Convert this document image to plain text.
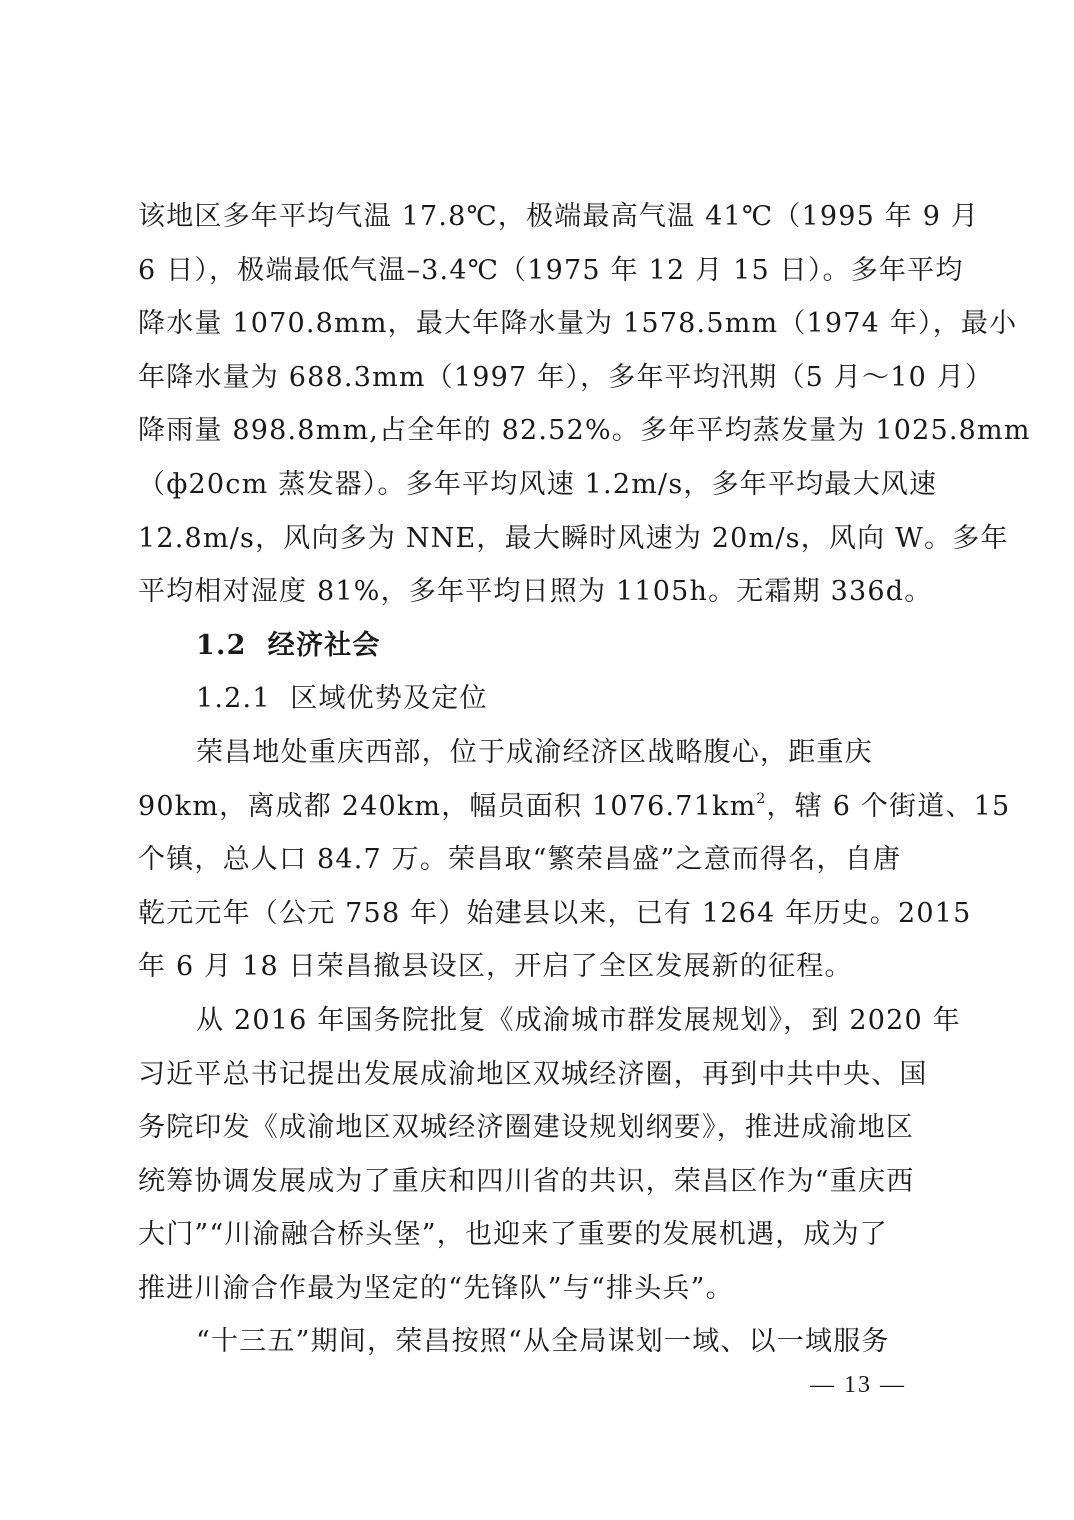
该地区多年平均气温 17.8℃，极端最高气温 41℃（1995 年 9 月
6 日），极端最低气温–3.4℃（1975 年 12 月 15 日）。多年平均
降水量 1070.8mm，最大年降水量为 1578.5mm（1974 年），最小
年降水量为 688.3mm（1997 年），多年平均汛期（5 月～10 月）
降雨量 898.8mm,占全年的 82.52%。多年平均蒸发量为 1025.8mm
（ф20cm 蒸发器）。多年平均风速 1.2m/s，多年平均最大风速
12.8m/s，风向多为 NNE，最大瞬时风速为 20m/s，风向 W。多年
平均相对湿度 81%，多年平均日照为 1105h。无霜期 336d。
1.2 经济社会
1.2.1 区域优势及定位
荣昌地处重庆西部，位于成渝经济区战略腹心，距重庆
90km，离成都 240km，幅员面积 $1076.71km^2$，辖 6 个街道、15
个镇，总人口 84.7 万。荣昌取“繁荣昌盛”之意而得名，自唐
乾元元年（公元 758 年）始建县以来，已有 1264 年历史。2015
年 6 月 18 日荣昌撤县设区，开启了全区发展新的征程。
从 2016 年国务院批复《成渝城市群发展规划》，到 2020 年
习近平总书记提出发展成渝地区双城经济圈，再到中共中央、国
务院印发《成渝地区双城经济圈建设规划纲要》，推进成渝地区
统筹协调发展成为了重庆和四川省的共识，荣昌区作为“重庆西
大门”“川渝融合桥头堡”，也迎来了重要的发展机遇，成为了
推进川渝合作最为坚定的“先锋队”与“排头兵”。
“十三五”期间，荣昌按照“从全局谋划一域、以一域服务
— 13 —
